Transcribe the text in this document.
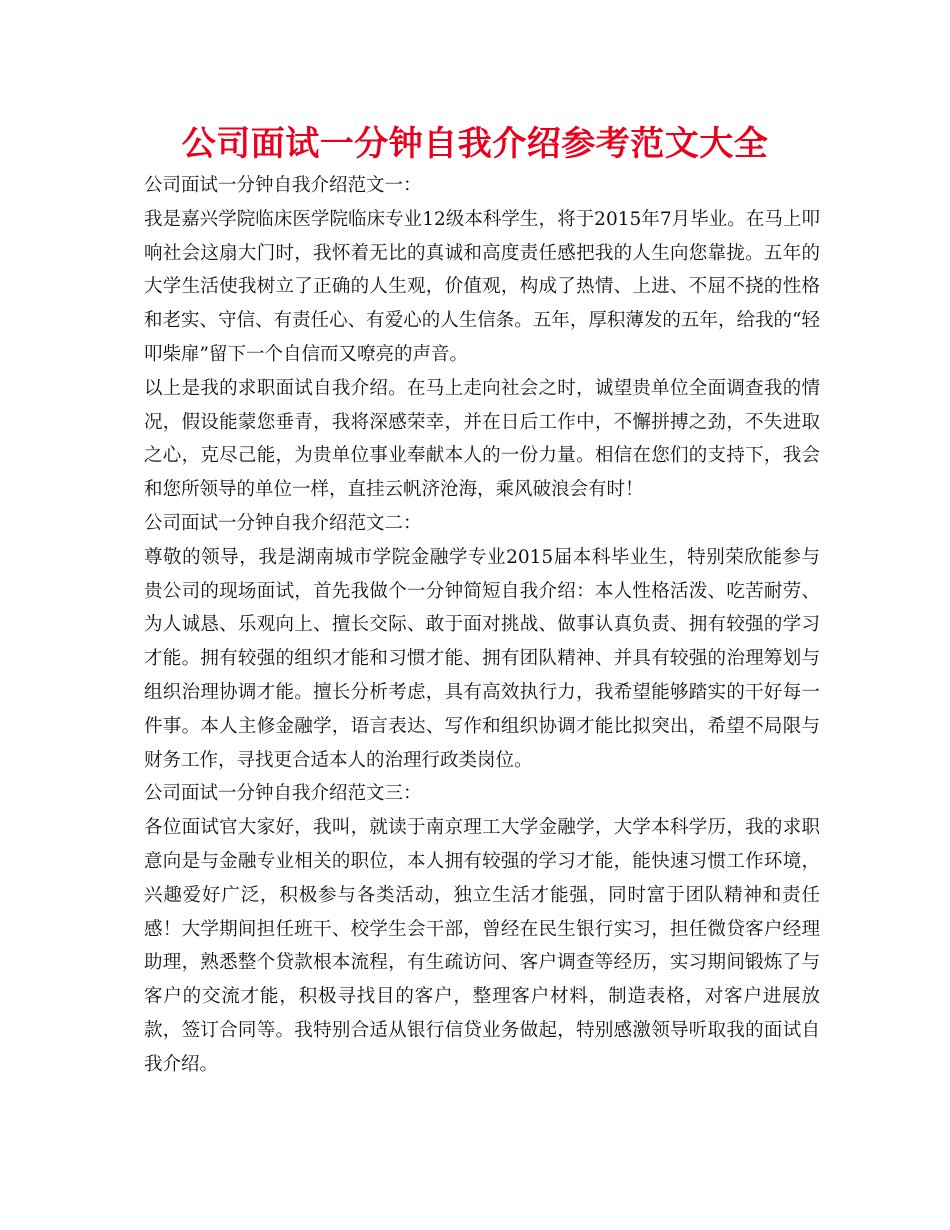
公司面试一分钟自我介绍参考范文大全

公司面试一分钟自我介绍范文一：

我是嘉兴学院临床医学院临床专业12级本科学生，将于2015年7月毕业。在马上叩响社会这扇大门时，我怀着无比的真诚和高度责任感把我的人生向您靠拢。五年的大学生活使我树立了正确的人生观，价值观，构成了热情、上进、不屈不挠的性格和老实、守信、有责任心、有爱心的人生信条。五年，厚积薄发的五年，给我的“轻叩柴扉”留下一个自信而又嘹亮的声音。

以上是我的求职面试自我介绍。在马上走向社会之时，诚望贵单位全面调查我的情况，假设能蒙您垂青，我将深感荣幸，并在日后工作中，不懈拼搏之劲，不失进取之心，克尽己能，为贵单位事业奉献本人的一份力量。相信在您们的支持下，我会和您所领导的单位一样，直挂云帆济沧海，乘风破浪会有时！

公司面试一分钟自我介绍范文二：

尊敬的领导，我是湖南城市学院金融学专业2015届本科毕业生，特别荣欣能参与贵公司的现场面试，首先我做个一分钟简短自我介绍：本人性格活泼、吃苦耐劳、为人诚恳、乐观向上、擅长交际、敢于面对挑战、做事认真负责、拥有较强的学习才能。拥有较强的组织才能和习惯才能、拥有团队精神、并具有较强的治理筹划与组织治理协调才能。擅长分析考虑，具有高效执行力，我希望能够踏实的干好每一件事。本人主修金融学，语言表达、写作和组织协调才能比拟突出，希望不局限与财务工作，寻找更合适本人的治理行政类岗位。

公司面试一分钟自我介绍范文三：

各位面试官大家好，我叫，就读于南京理工大学金融学，大学本科学历，我的求职意向是与金融专业相关的职位，本人拥有较强的学习才能，能快速习惯工作环境，兴趣爱好广泛，积极参与各类活动，独立生活才能强，同时富于团队精神和责任感！大学期间担任班干、校学生会干部，曾经在民生银行实习，担任微贷客户经理助理，熟悉整个贷款根本流程，有生疏访问、客户调查等经历，实习期间锻炼了与客户的交流才能，积极寻找目的客户，整理客户材料，制造表格，对客户进展放款，签订合同等。我特别合适从银行信贷业务做起，特别感激领导听取我的面试自我介绍。
